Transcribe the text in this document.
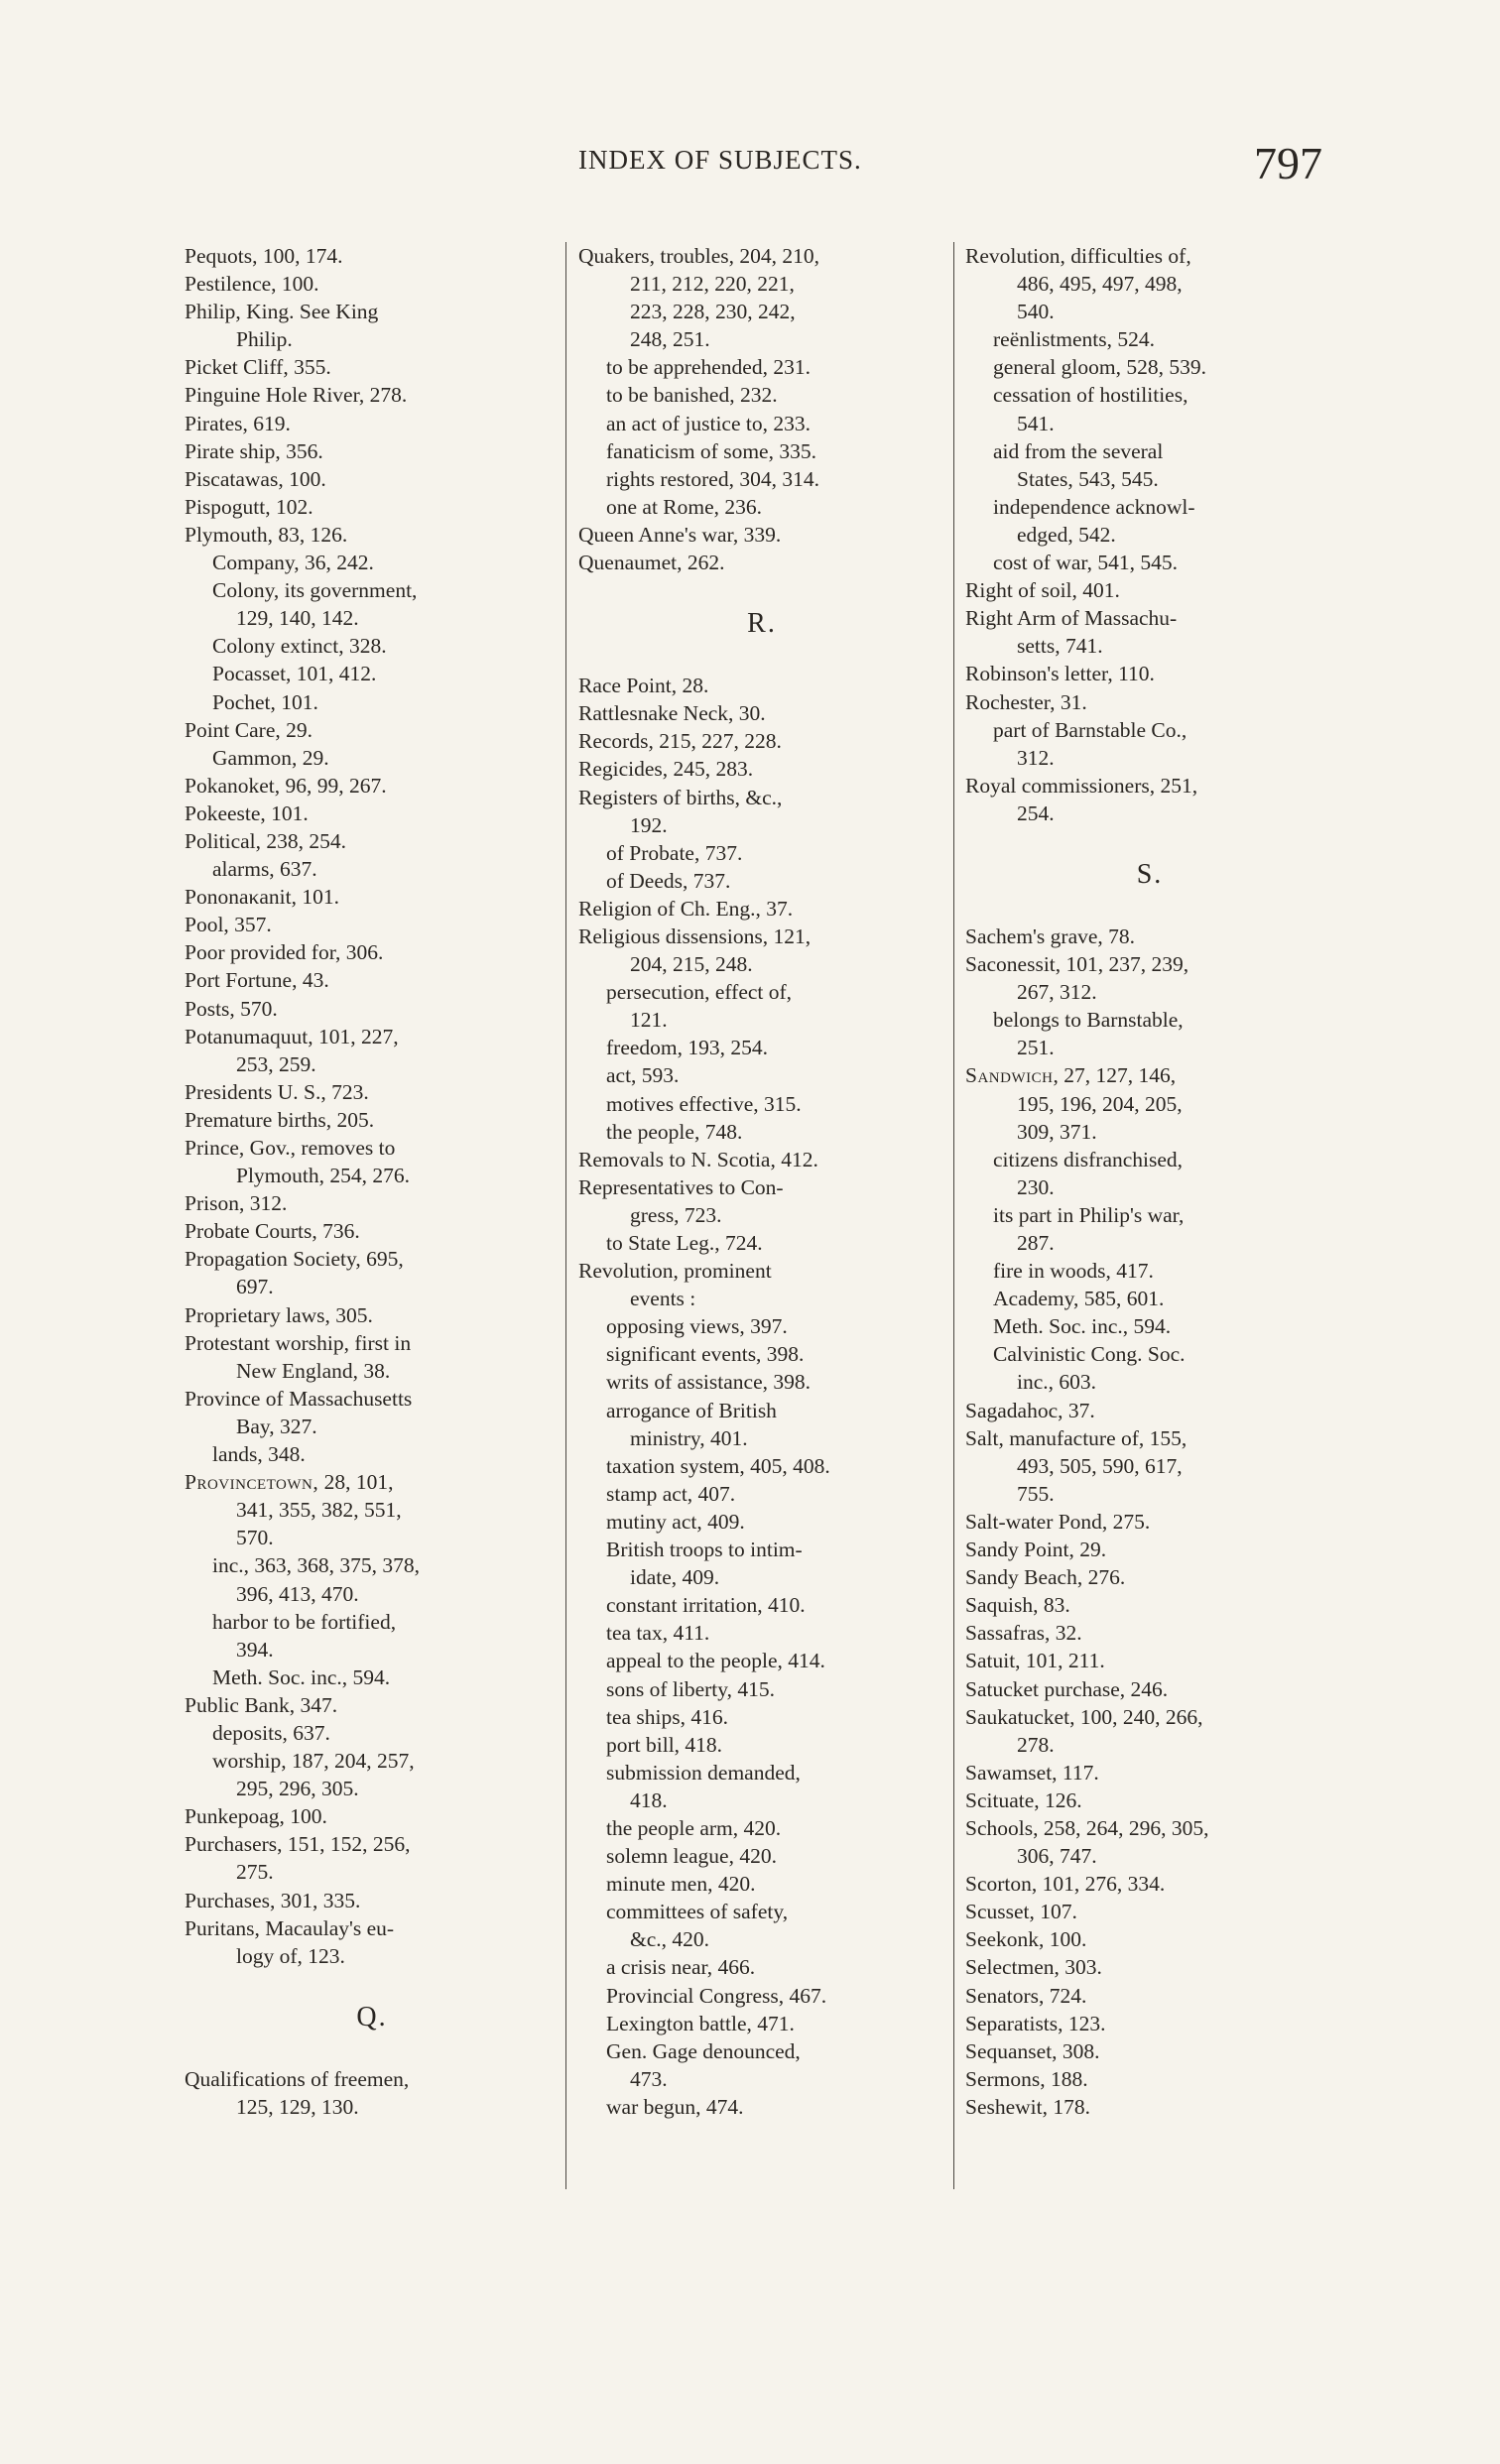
INDEX OF SUBJECTS.	797
Pequots, 100, 174.
Pestilence, 100.
Philip, King. See King
Philip.
Picket Cliff, 355.
Pinguine Hole River, 278.
Pirates, 619.
Pirate ship, 356.
Piscatawas, 100.
Pispogutt, 102.
Plymouth, 83, 126.
Company, 36, 242.
Colony, its government,
129, 140, 142.
Colony extinct, 328.
Pocasset, 101, 412.
Pochet, 101.
Point Care, 29.
Gammon, 29.
Pokanoket, 96, 99, 267.
Pokeeste, 101.
Political, 238, 254.
alarms, 637.
Pononaκanit, 101.
Pool, 357.
Poor provided for, 306.
Port Fortune, 43.
Posts, 570.
Potanumaquut, 101, 227,
253, 259.
Presidents U. S., 723.
Premature births, 205.
Prince, Gov., removes to
Plymouth, 254, 276.
Prison, 312.
Probate Courts, 736.
Propagation Society, 695,
697.
Proprietary laws, 305.
Protestant worship, first in
New England, 38.
Province of Massachusetts
Bay, 327.
lands, 348.
Provincetown, 28, 101,
341, 355, 382, 551,
570.
inc., 363, 368, 375, 378,
396, 413, 470.
harbor to be fortified,
394.
Meth. Soc. inc., 594.
Public Bank, 347.
deposits, 637.
worship, 187, 204, 257,
295, 296, 305.
Punkepoag, 100.
Purchasers, 151, 152, 256,
275.
Purchases, 301, 335.
Puritans, Macaulay's eu-
logy of, 123.
Q.
Qualifications of freemen,
125, 129, 130.
Quakers, troubles, 204, 210,
211, 212, 220, 221,
223, 228, 230, 242,
248, 251.
to be apprehended, 231.
to be banished, 232.
an act of justice to, 233.
fanaticism of some, 335.
rights restored, 304, 314.
one at Rome, 236.
Queen Anne's war, 339.
Quenaumet, 262.
R.
Race Point, 28.
Rattlesnake Neck, 30.
Records, 215, 227, 228.
Regicides, 245, 283.
Registers of births, &c.,
192.
of Probate, 737.
of Deeds, 737.
Religion of Ch. Eng., 37.
Religious dissensions, 121,
204, 215, 248.
persecution, effect of,
121.
freedom, 193, 254.
act, 593.
motives effective, 315.
the people, 748.
Removals to N. Scotia, 412.
Representatives to Con-
gress, 723.
to State Leg., 724.
Revolution, prominent
events :
opposing views, 397.
significant events, 398.
writs of assistance, 398.
arrogance of British
ministry, 401.
taxation system, 405, 408.
stamp act, 407.
mutiny act, 409.
British troops to intim-
idate, 409.
constant irritation, 410.
tea tax, 411.
appeal to the people, 414.
sons of liberty, 415.
tea ships, 416.
port bill, 418.
submission demanded,
418.
the people arm, 420.
solemn league, 420.
minute men, 420.
committees of safety,
&c., 420.
a crisis near, 466.
Provincial Congress, 467.
Lexington battle, 471.
Gen. Gage denounced,
473.
war begun, 474.
Revolution, difficulties of,
486, 495, 497, 498,
540.
reënlistments, 524.
general gloom, 528, 539.
cessation of hostilities,
541.
aid from the several
States, 543, 545.
independence acknowl-
edged, 542.
cost of war, 541, 545.
Right of soil, 401.
Right Arm of Massachu-
setts, 741.
Robinson's letter, 110.
Rochester, 31.
part of Barnstable Co.,
312.
Royal commissioners, 251,
254.
S.
Sachem's grave, 78.
Saconessit, 101, 237, 239,
267, 312.
belongs to Barnstable,
251.
Sandwich, 27, 127, 146,
195, 196, 204, 205,
309, 371.
citizens disfranchised,
230.
its part in Philip's war,
287.
fire in woods, 417.
Academy, 585, 601.
Meth. Soc. inc., 594.
Calvinistic Cong. Soc.
inc., 603.
Sagadahoc, 37.
Salt, manufacture of, 155,
493, 505, 590, 617,
755.
Salt-water Pond, 275.
Sandy Point, 29.
Sandy Beach, 276.
Saquish, 83.
Sassafras, 32.
Satuit, 101, 211.
Satucket purchase, 246.
Saukatucket, 100, 240, 266,
278.
Sawamset, 117.
Scituate, 126.
Schools, 258, 264, 296, 305,
306, 747.
Scorton, 101, 276, 334.
Scusset, 107.
Seekonk, 100.
Selectmen, 303.
Senators, 724.
Separatists, 123.
Sequanset, 308.
Sermons, 188.
Seshewit, 178.
